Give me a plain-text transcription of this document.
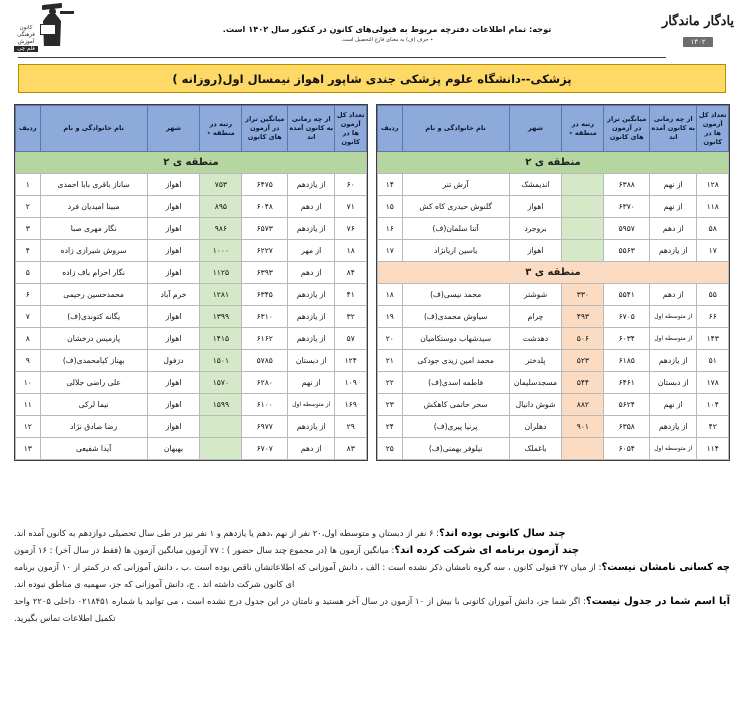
کانون
فرهنگی
آموزش
قلم چی
توجه: تمام اطلاعات دفترچه مربوط به قبولی‌های کانون در کنکور سال ۱۴۰۲ است.
٭ حرف (ف) به معنای فارغ التحصیل است.
یادگار ماندگار
۱۴۰۲
پزشکی--دانشگاه علوم پزشکی جندی شاپور اهواز نیمسال اول(روزانه )
تعداد کل آزمون ها در کانون	از چه زمانی به کانون آمده اند	میانگین تراز در آزمون های کانون	رتبه در منطقه ٭	شهر	نام خانوادگی و نام	ردیف
منطقه ی ۲						
۱۲۸	از نهم	۶۳۸۸		اندیمشک	آرش تنر	۱۴
۱۱۸	از نهم	۶۳۷۰		اهواز	گلنوش حیدری کاه کش	۱۵
۵۸	از دهم	۵۹۵۷		بروجرد	آتنا سلمان(ف)	۱۶
۱۷	از یازدهم	۵۵۶۳		اهواز	یاسین اریانژاد	۱۷
منطقه ی ۳						
۵۵	از دهم	۵۵۴۱	۳۳۰	شوشتر	محمد نیسی(ف)	۱۸
۶۶	از متوسطه اول	۶۷۰۵	۴۹۳	چرام	سیاوش محمدی(ف)	۱۹
۱۴۳	از متوسطه اول	۶۰۳۴	۵۰۶	دهدشت	سیدشهاب دوستکامیان	۲۰
۵۱	از یازدهم	۶۱۸۵	۵۲۳	پلدختر	محمد امین زیدی جودکی	۲۱
۱۷۸	از دبستان	۶۴۶۱	۵۴۴	مسجدسلیمان	فاطمه اسدی(ف)	۲۲
۱۰۴	از نهم	۵۶۲۴	۸۸۲	شوش دانیال	سحر حاتمی کاهکش	۲۳
۴۲	از یازدهم	۶۳۵۸	۹۰۱	دهلران	پرنیا پیری(ف)	۲۴
۱۱۴	از متوسطه اول	۶۰۵۴		باغملک	نیلوفر بهمنی(ف)	۲۵
تعداد کل آزمون ها در کانون	از چه زمانی به کانون آمده اند	میانگین تراز در آزمون های کانون	رتبه در منطقه ٭	شهر	نام خانوادگی و نام	ردیف
منطقه ی ۲						
۶۰	از یازدهم	۶۴۷۵	۷۵۳	اهواز	ساناز باقری بابا احمدی	۱
۷۱	از دهم	۶۰۴۸	۸۹۵	اهواز	مبینا امیدیان فرد	۲
۷۶	از یازدهم	۶۵۷۳	۹۸۶	اهواز	نگار مهری صبا	۳
۱۸	از مهر	۶۲۲۷	۱۰۰۰	اهواز	سروش شیرازی زاده	۴
۸۴	از دهم	۶۳۹۳	۱۱۲۵	اهواز	نگار احرام باف زاده	۵
۴۱	از یازدهم	۶۳۴۵	۱۲۸۱	خرم آباد	محمدحسین رحیمی	۶
۳۲	از یازدهم	۶۳۱۰	۱۳۹۹	اهواز	یگانه کتوندی(ف)	۷
۵۷	از یازدهم	۶۱۶۲	۱۴۱۵	اهواز	پارمیس درخشان	۸
۱۲۴	از دبستان	۵۷۸۵	۱۵۰۱	دزفول	بهناز کیامحمدی(ف)	۹
۱۰۹	از نهم	۶۲۸۰	۱۵۷۰	اهواز	علی راضی جلالی	۱۰
۱۶۹	از متوسطه اول	۶۱۰۰	۱۵۹۹	اهواز	نیما لرکی	۱۱
۲۹	از یازدهم	۶۹۷۷		اهواز	رضا صادق نژاد	۱۲
۸۳	از دهم	۶۷۰۷		بهبهان	آیدا شفیعی	۱۳
چند سال کانونی بوده اند؟: ۶ نفر از دبستان و متوسطه اول،۲۰ نفر از نهم ،دهم یا یازدهم و ۱ نفر نیز در طی سال تحصیلی دوازدهم به کانون آمده اند.
چند آزمون برنامه ای شرکت کرده اند؟: میانگین آزمون ها (در مجموع چند سال حضور ) : ۷۷ آزمون میانگین آزمون ها (فقط در سال آخر) : ۱۶ آزمون
چه کسانی نامشان نیست؟: از میان ۲۷ قبولی کانون ، سه گروه نامشان ذکر نشده است : الف ، دانش آموزانی که اطلاعاتشان ناقص بوده است .ب ، دانش آموزانی که در کمتر از ۱۰ آزمون برنامه ای کانون شرکت داشته اند . ج، دانش آموزانی که جز، سهمیه ی مناطق نبوده اند.
آیا اسم شما در جدول نیست؟: اگر شما جز، دانش آموزان کانونی با بیش از ۱۰ آزمون در سال آخر هستید و نامتان در این جدول درج نشده است ، می توانید با شماره ۰۲۱۸۴۵۱ داخلی ۲۲۰۵ واحد تکمیل اطلاعات تماس بگیرید.
